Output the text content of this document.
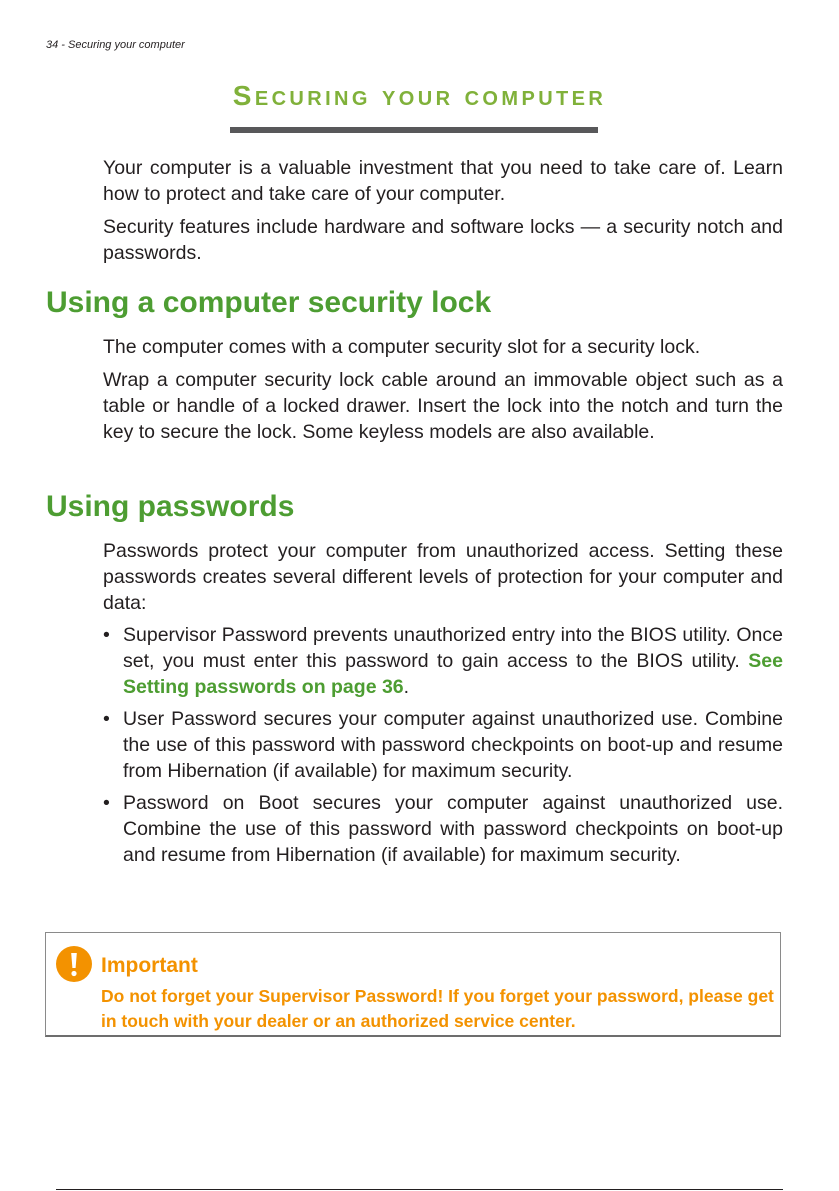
34 - Securing your computer
Securing your computer

Your computer is a valuable investment that you need to take care of. Learn how to protect and take care of your computer.

Security features include hardware and software locks — a security notch and passwords.

Using a computer security lock

The computer comes with a computer security slot for a security lock.

Wrap a computer security lock cable around an immovable object such as a table or handle of a locked drawer. Insert the lock into the notch and turn the key to secure the lock. Some keyless models are also available.

Using passwords

Passwords protect your computer from unauthorized access. Setting these passwords creates several different levels of protection for your computer and data:

• Supervisor Password prevents unauthorized entry into the BIOS utility. Once set, you must enter this password to gain access to the BIOS utility. See Setting passwords on page 36.
• User Password secures your computer against unauthorized use. Combine the use of this password with password checkpoints on boot-up and resume from Hibernation (if available) for maximum security.
• Password on Boot secures your computer against unauthorized use. Combine the use of this password with password checkpoints on boot-up and resume from Hibernation (if available) for maximum security.
Important
Do not forget your Supervisor Password! If you forget your password, please get in touch with your dealer or an authorized service center.
